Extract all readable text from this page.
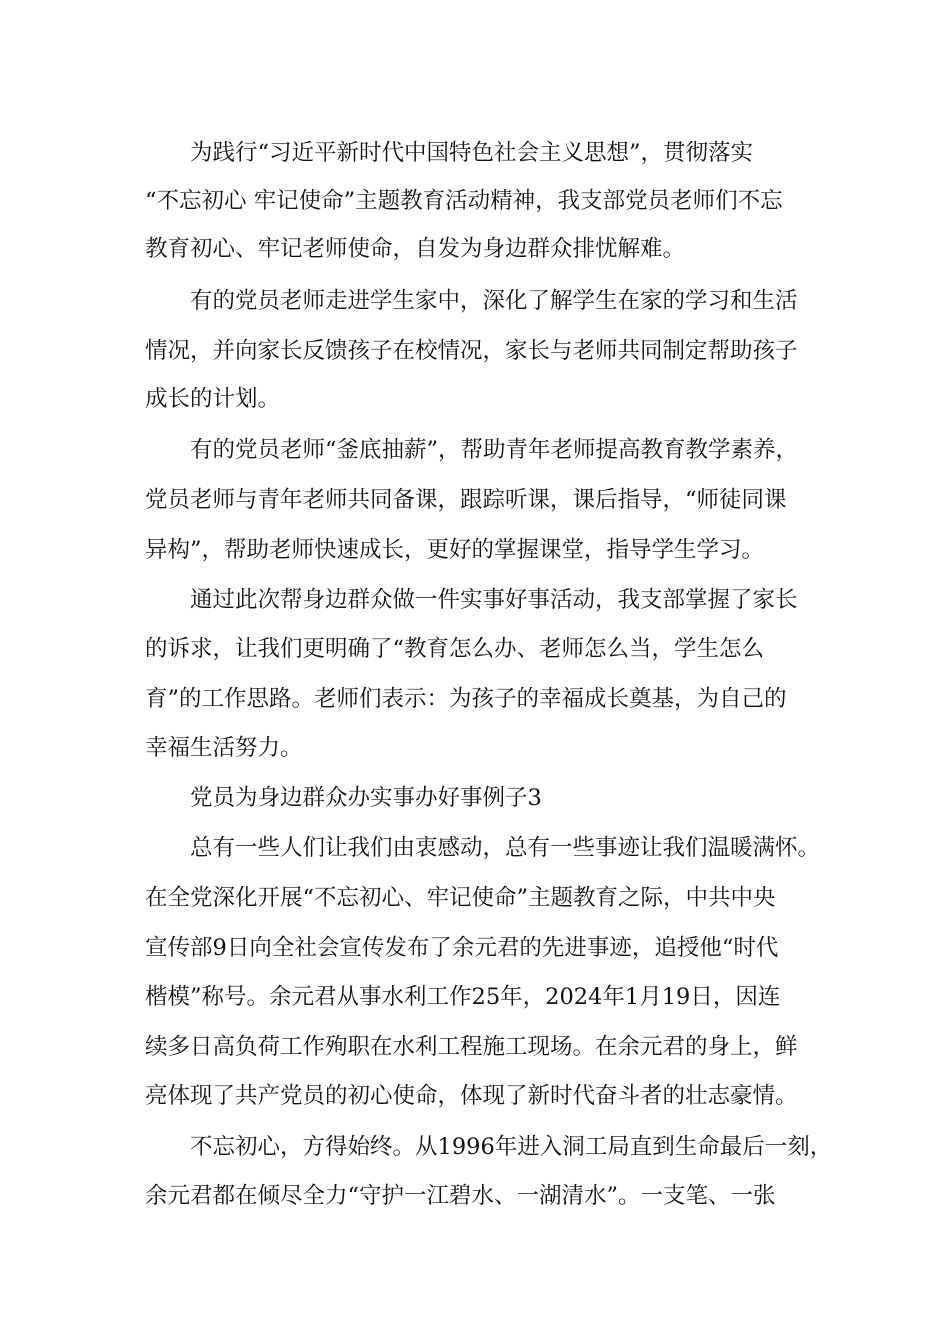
为践行“习近平新时代中国特色社会主义思想”，贯彻落实
“不忘初心 牢记使命”主题教育活动精神，我支部党员老师们不忘
教育初心、牢记老师使命，自发为身边群众排忧解难。
有的党员老师走进学生家中，深化了解学生在家的学习和生活
情况，并向家长反馈孩子在校情况，家长与老师共同制定帮助孩子
成长的计划。
有的党员老师“釜底抽薪”，帮助青年老师提高教育教学素养，
党员老师与青年老师共同备课，跟踪听课，课后指导，“师徒同课
异构”，帮助老师快速成长，更好的掌握课堂，指导学生学习。
通过此次帮身边群众做一件实事好事活动，我支部掌握了家长
的诉求，让我们更明确了“教育怎么办、老师怎么当，学生怎么
育”的工作思路。老师们表示：为孩子的幸福成长奠基，为自己的
幸福生活努力。
党员为身边群众办实事办好事例子3
总有一些人们让我们由衷感动，总有一些事迹让我们温暖满怀。
在全党深化开展“不忘初心、牢记使命”主题教育之际，中共中央
宣传部9日向全社会宣传发布了余元君的先进事迹，追授他“时代
楷模”称号。余元君从事水利工作25年，2024年1月19日，因连
续多日高负荷工作殉职在水利工程施工现场。在余元君的身上，鲜
亮体现了共产党员的初心使命，体现了新时代奋斗者的壮志豪情。
不忘初心，方得始终。从1996年进入洞工局直到生命最后一刻，
余元君都在倾尽全力“守护一江碧水、一湖清水”。一支笔、一张
